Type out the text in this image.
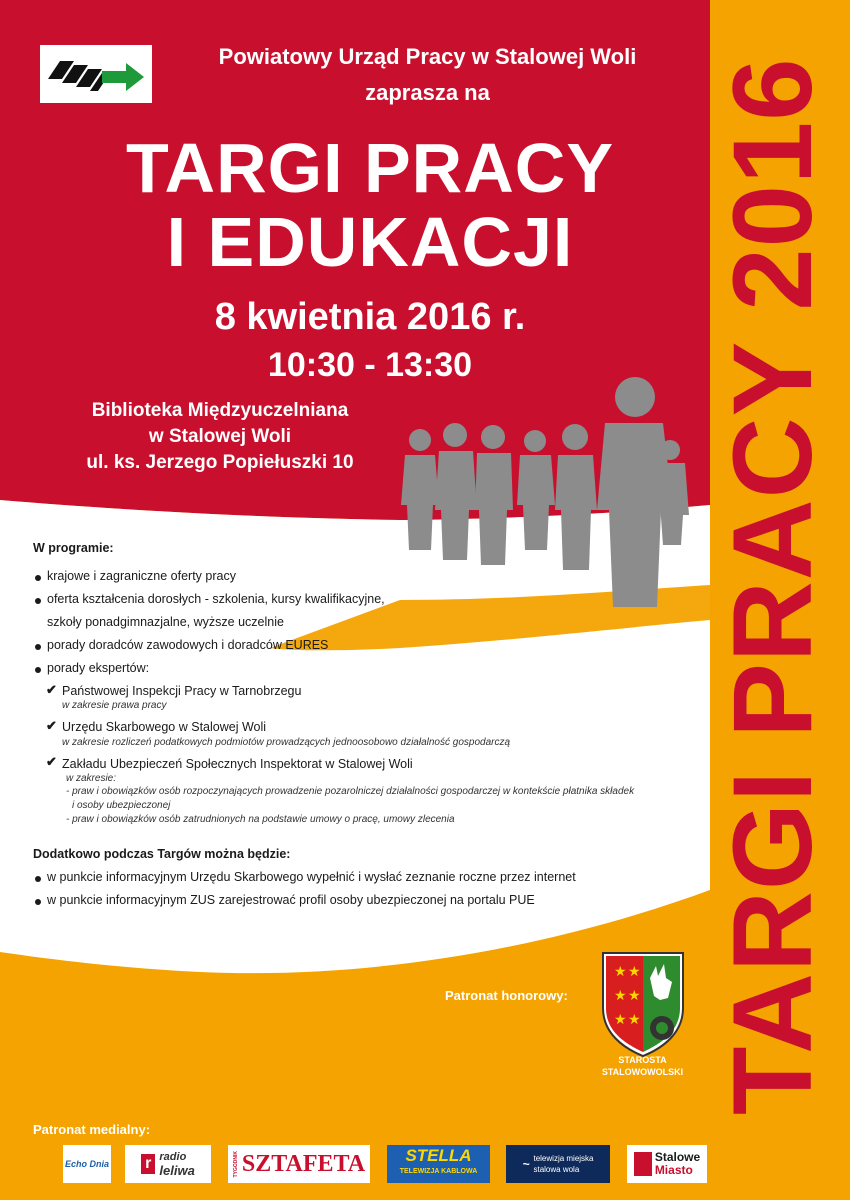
Powiatowy Urząd Pracy w Stalowej Woli
zaprasza na
TARGI PRACY
I EDUKACJI
8 kwietnia 2016 r.
10:30 - 13:30
Biblioteka Międzyuczelniana
w Stalowej Woli
ul. ks. Jerzego Popiełuszki 10
W programie:
krajowe i zagraniczne oferty pracy
oferta kształcenia dorosłych - szkolenia, kursy kwalifikacyjne,
szkoły ponadgimnazjalne, wyższe uczelnie
porady doradców zawodowych i doradców EURES
porady ekspertów:
✔ Państwowej Inspekcji Pracy w Tarnobrzegu
w zakresie prawa pracy
✔ Urzędu Skarbowego w Stalowej Woli
w zakresie rozliczeń podatkowych podmiotów prowadzących jednoosobowo działalność gospodarczą
✔ Zakładu Ubezpieczeń Społecznych Inspektorat w Stalowej Woli
w zakresie:
- praw i obowiązków osób rozpoczynających prowadzenie pozarolniczej działalności gospodarczej w kontekście płatnika składek
i osoby ubezpieczonej
- praw i obowiązków osób zatrudnionych na podstawie umowy o pracę, umowy zlecenia
Dodatkowo podczas Targów można będzie:
w punkcie informacyjnym Urzędu Skarbowego wypełnić i wysłać zeznanie roczne przez internet
w punkcie informacyjnym ZUS zarejestrować profil osoby ubezpieczonej na portalu PUE TARGI PRACY 2016
Patronat honorowy:
★ ★
★ ★
★ ★
STAROSTA
STALOWOWOLSKI
Patronat medialny:
Echo Dnia r radio
leliwa	TYGODNIK SZTAFETA STELLA
TELEWIZJA KABLOWA
~ telewizja miejska
stalowa wola
Stalowe
Miasto
